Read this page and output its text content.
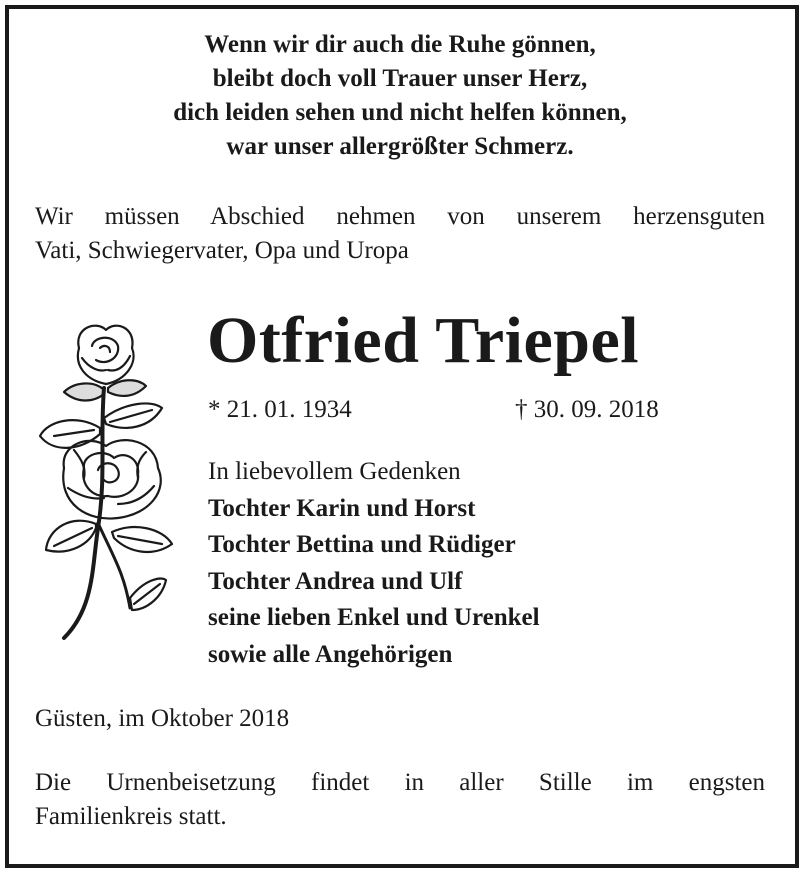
Wenn wir dir auch die Ruhe gönnen,
bleibt doch voll Trauer unser Herz,
dich leiden sehen und nicht helfen können,
war unser allergrößter Schmerz.
Wir müssen Abschied nehmen von unserem herzensguten
Vati, Schwiegervater, Opa und Uropa
Otfried Triepel
* 21. 01. 1934	† 30. 09. 2018
In liebevollem Gedenken
Tochter Karin und Horst
Tochter Bettina und Rüdiger
Tochter Andrea und Ulf
seine lieben Enkel und Urenkel
sowie alle Angehörigen
Güsten, im Oktober 2018
Die Urnenbeisetzung findet in aller Stille im engsten
Familienkreis statt.
